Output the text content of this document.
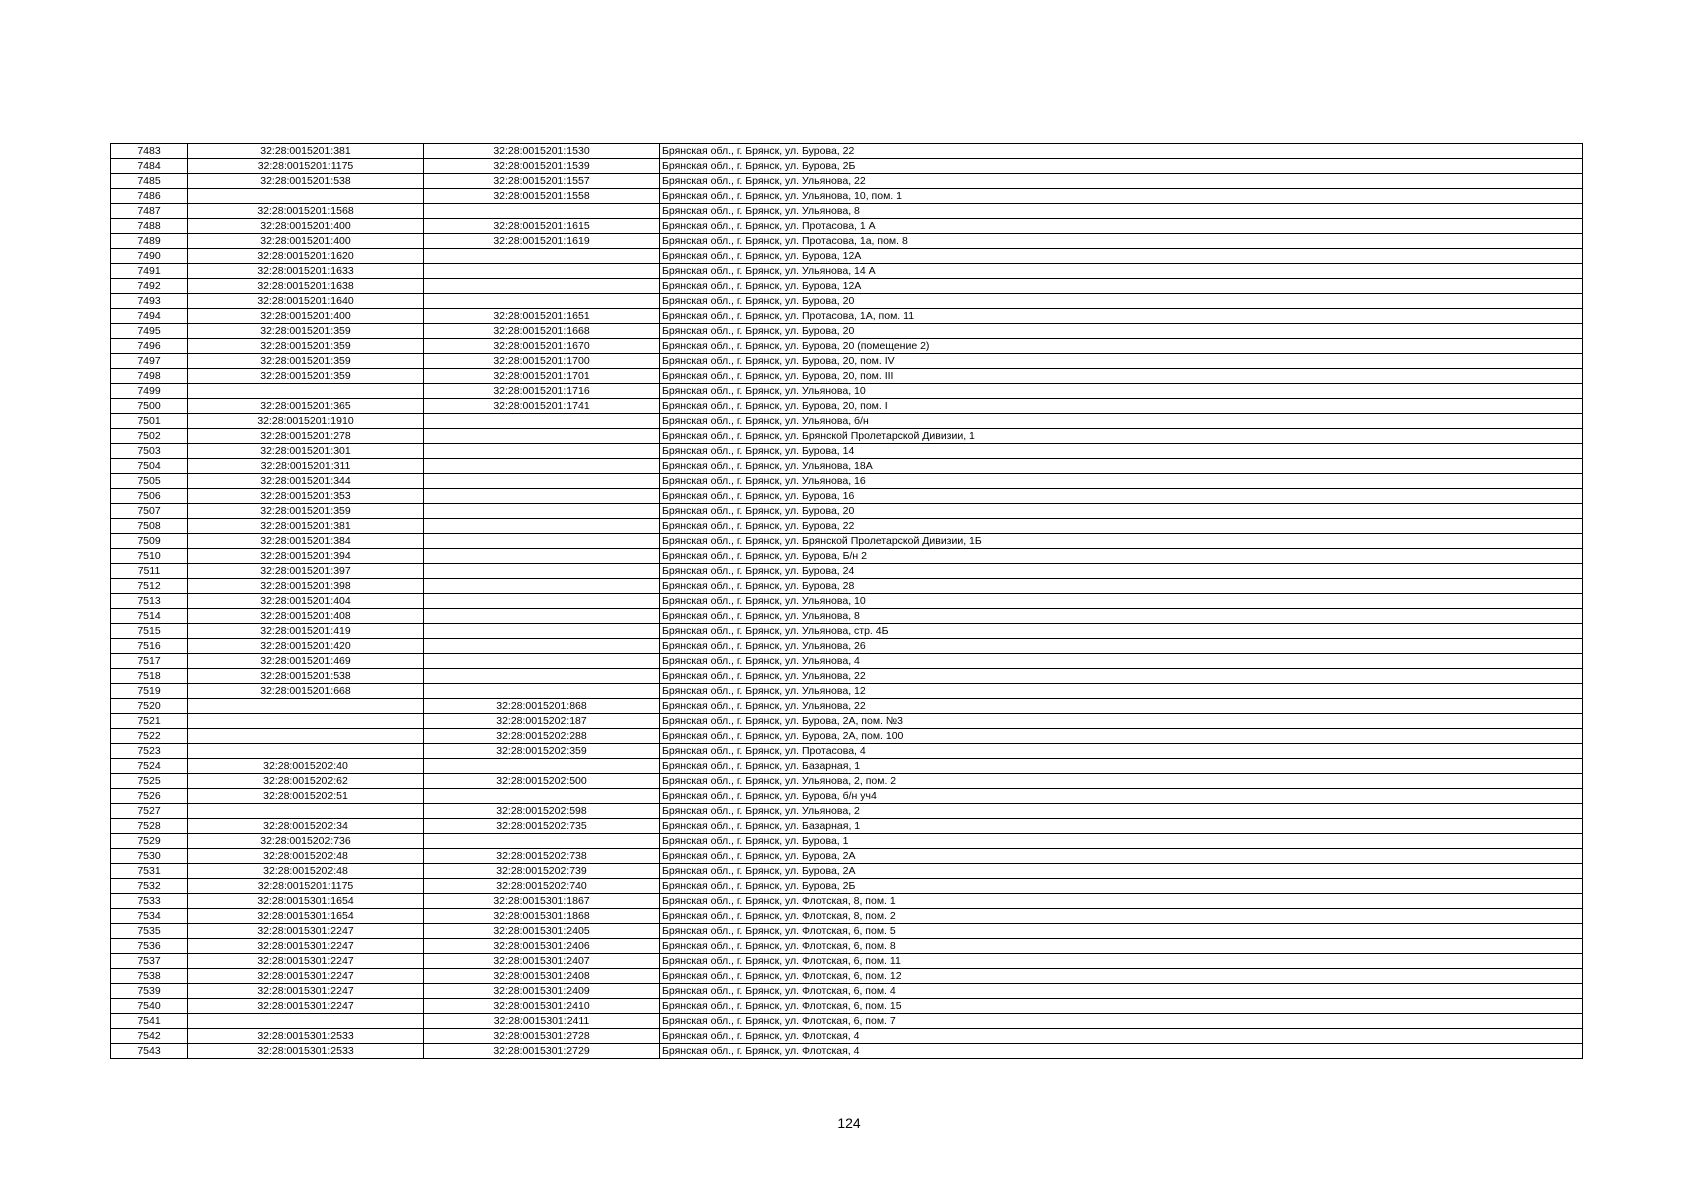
7483	32:28:0015201:381	32:28:0015201:1530	Брянская обл., г. Брянск, ул. Бурова, 22
7484	32:28:0015201:1175	32:28:0015201:1539	Брянская обл., г. Брянск, ул. Бурова, 2Б
7485	32:28:0015201:538	32:28:0015201:1557	Брянская обл., г. Брянск, ул. Ульянова, 22
7486		32:28:0015201:1558	Брянская обл., г. Брянск, ул. Ульянова, 10, пом. 1
7487	32:28:0015201:1568		Брянская обл., г. Брянск, ул. Ульянова, 8
7488	32:28:0015201:400	32:28:0015201:1615	Брянская обл., г. Брянск, ул. Протасова, 1 А
7489	32:28:0015201:400	32:28:0015201:1619	Брянская обл., г. Брянск, ул. Протасова, 1а, пом. 8
7490	32:28:0015201:1620		Брянская обл., г. Брянск, ул. Бурова, 12А
7491	32:28:0015201:1633		Брянская обл., г. Брянск, ул. Ульянова, 14 А
7492	32:28:0015201:1638		Брянская обл., г. Брянск, ул. Бурова, 12А
7493	32:28:0015201:1640		Брянская обл., г. Брянск, ул. Бурова, 20
7494	32:28:0015201:400	32:28:0015201:1651	Брянская обл., г. Брянск, ул. Протасова, 1А, пом. 11
7495	32:28:0015201:359	32:28:0015201:1668	Брянская обл., г. Брянск, ул. Бурова, 20
7496	32:28:0015201:359	32:28:0015201:1670	Брянская обл., г. Брянск, ул. Бурова, 20 (помещение 2)
7497	32:28:0015201:359	32:28:0015201:1700	Брянская обл., г. Брянск, ул. Бурова, 20, пом. IV
7498	32:28:0015201:359	32:28:0015201:1701	Брянская обл., г. Брянск, ул. Бурова, 20, пом. III
7499		32:28:0015201:1716	Брянская обл., г. Брянск, ул. Ульянова, 10
7500	32:28:0015201:365	32:28:0015201:1741	Брянская обл., г. Брянск, ул. Бурова, 20, пом. I
7501	32:28:0015201:1910		Брянская обл., г. Брянск, ул. Ульянова, б/н
7502	32:28:0015201:278		Брянская обл., г. Брянск, ул. Брянской Пролетарской Дивизии, 1
7503	32:28:0015201:301		Брянская обл., г. Брянск, ул. Бурова, 14
7504	32:28:0015201:311		Брянская обл., г. Брянск, ул. Ульянова, 18А
7505	32:28:0015201:344		Брянская обл., г. Брянск, ул. Ульянова, 16
7506	32:28:0015201:353		Брянская обл., г. Брянск, ул. Бурова, 16
7507	32:28:0015201:359		Брянская обл., г. Брянск, ул. Бурова, 20
7508	32:28:0015201:381		Брянская обл., г. Брянск, ул. Бурова, 22
7509	32:28:0015201:384		Брянская обл., г. Брянск, ул. Брянской Пролетарской Дивизии, 1Б
7510	32:28:0015201:394		Брянская обл., г. Брянск, ул. Бурова, Б/н 2
7511	32:28:0015201:397		Брянская обл., г. Брянск, ул. Бурова, 24
7512	32:28:0015201:398		Брянская обл., г. Брянск, ул. Бурова, 28
7513	32:28:0015201:404		Брянская обл., г. Брянск, ул. Ульянова, 10
7514	32:28:0015201:408		Брянская обл., г. Брянск, ул. Ульянова, 8
7515	32:28:0015201:419		Брянская обл., г. Брянск, ул. Ульянова, стр. 4Б
7516	32:28:0015201:420		Брянская обл., г. Брянск, ул. Ульянова, 26
7517	32:28:0015201:469		Брянская обл., г. Брянск, ул. Ульянова, 4
7518	32:28:0015201:538		Брянская обл., г. Брянск, ул. Ульянова, 22
7519	32:28:0015201:668		Брянская обл., г. Брянск, ул. Ульянова, 12
7520		32:28:0015201:868	Брянская обл., г. Брянск, ул. Ульянова, 22
7521		32:28:0015202:187	Брянская обл., г. Брянск, ул. Бурова, 2А, пом. №3
7522		32:28:0015202:288	Брянская обл., г. Брянск, ул. Бурова, 2А, пом. 100
7523		32:28:0015202:359	Брянская обл., г. Брянск, ул. Протасова, 4
7524	32:28:0015202:40		Брянская обл., г. Брянск, ул. Базарная, 1
7525	32:28:0015202:62	32:28:0015202:500	Брянская обл., г. Брянск, ул. Ульянова, 2, пом. 2
7526	32:28:0015202:51		Брянская обл., г. Брянск, ул. Бурова, б/н уч4
7527		32:28:0015202:598	Брянская обл., г. Брянск, ул. Ульянова, 2
7528	32:28:0015202:34	32:28:0015202:735	Брянская обл., г. Брянск, ул. Базарная, 1
7529	32:28:0015202:736		Брянская обл., г. Брянск, ул. Бурова, 1
7530	32:28:0015202:48	32:28:0015202:738	Брянская обл., г. Брянск, ул. Бурова, 2А
7531	32:28:0015202:48	32:28:0015202:739	Брянская обл., г. Брянск, ул. Бурова, 2А
7532	32:28:0015201:1175	32:28:0015202:740	Брянская обл., г. Брянск, ул. Бурова, 2Б
7533	32:28:0015301:1654	32:28:0015301:1867	Брянская обл., г. Брянск, ул. Флотская, 8, пом. 1
7534	32:28:0015301:1654	32:28:0015301:1868	Брянская обл., г. Брянск, ул. Флотская, 8, пом. 2
7535	32:28:0015301:2247	32:28:0015301:2405	Брянская обл., г. Брянск, ул. Флотская, 6, пом. 5
7536	32:28:0015301:2247	32:28:0015301:2406	Брянская обл., г. Брянск, ул. Флотская, 6, пом. 8
7537	32:28:0015301:2247	32:28:0015301:2407	Брянская обл., г. Брянск, ул. Флотская, 6, пом. 11
7538	32:28:0015301:2247	32:28:0015301:2408	Брянская обл., г. Брянск, ул. Флотская, 6, пом. 12
7539	32:28:0015301:2247	32:28:0015301:2409	Брянская обл., г. Брянск, ул. Флотская, 6, пом. 4
7540	32:28:0015301:2247	32:28:0015301:2410	Брянская обл., г. Брянск, ул. Флотская, 6, пом. 15
7541		32:28:0015301:2411	Брянская обл., г. Брянск, ул. Флотская, 6, пом. 7
7542	32:28:0015301:2533	32:28:0015301:2728	Брянская обл., г. Брянск, ул. Флотская, 4
7543	32:28:0015301:2533	32:28:0015301:2729	Брянская обл., г. Брянск, ул. Флотская, 4
124
